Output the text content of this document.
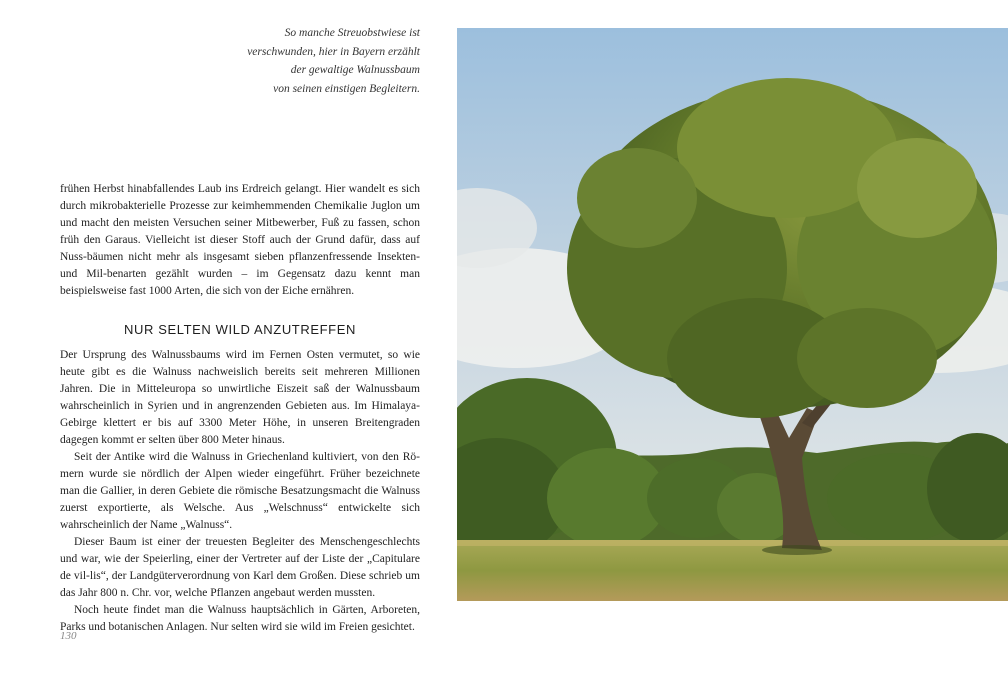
So manche Streuobstwiese ist
verschwunden, hier in Bayern erzählt
der gewaltige Walnussbaum
von seinen einstigen Begleitern.

frühen Herbst hinabfallendes Laub ins Erdreich gelangt. Hier wandelt es sich durch mikrobakterielle Prozesse zur keimhemmenden Chemikalie Juglon um und macht den meisten Versuchen seiner Mitbewerber, Fuß zu fassen, schon früh den Garaus. Vielleicht ist dieser Stoff auch der Grund dafür, dass auf Nuss-bäumen nicht mehr als insgesamt sieben pflanzenfressende Insekten- und Mil-benarten gezählt wurden – im Gegensatz dazu kennt man beispielsweise fast 1000 Arten, die sich von der Eiche ernähren.

NUR SELTEN WILD ANZUTREFFEN

Der Ursprung des Walnussbaums wird im Fernen Osten vermutet, so wie heute gibt es die Walnuss nachweislich bereits seit mehreren Millionen Jahren. Die in Mitteleuropa so unwirtliche Eiszeit saß der Walnussbaum wahrscheinlich in Syrien und in angrenzenden Gebieten aus. Im Himalaya-Gebirge klettert er bis auf 3300 Meter Höhe, in unseren Breitengraden dagegen kommt er selten über 800 Meter hinaus.

Seit der Antike wird die Walnuss in Griechenland kultiviert, von den Rö-mern wurde sie nördlich der Alpen wieder eingeführt. Früher bezeichnete man die Gallier, in deren Gebiete die römische Besatzungsmacht die Walnuss zuerst exportierte, als Welsche. Aus „Welschnuss“ entwickelte sich wahrscheinlich der Name „Walnuss“.

Dieser Baum ist einer der treuesten Begleiter des Menschengeschlechts und war, wie der Speierling, einer der Vertreter auf der Liste der „Capitulare de vil-lis“, der Landgüterverordnung von Karl dem Großen. Diese schrieb um das Jahr 800 n. Chr. vor, welche Pflanzen angebaut werden mussten.

Noch heute findet man die Walnuss hauptsächlich in Gärten, Arboreten, Parks und botanischen Anlagen. Nur selten wird sie wild im Freien gesichtet.

130
